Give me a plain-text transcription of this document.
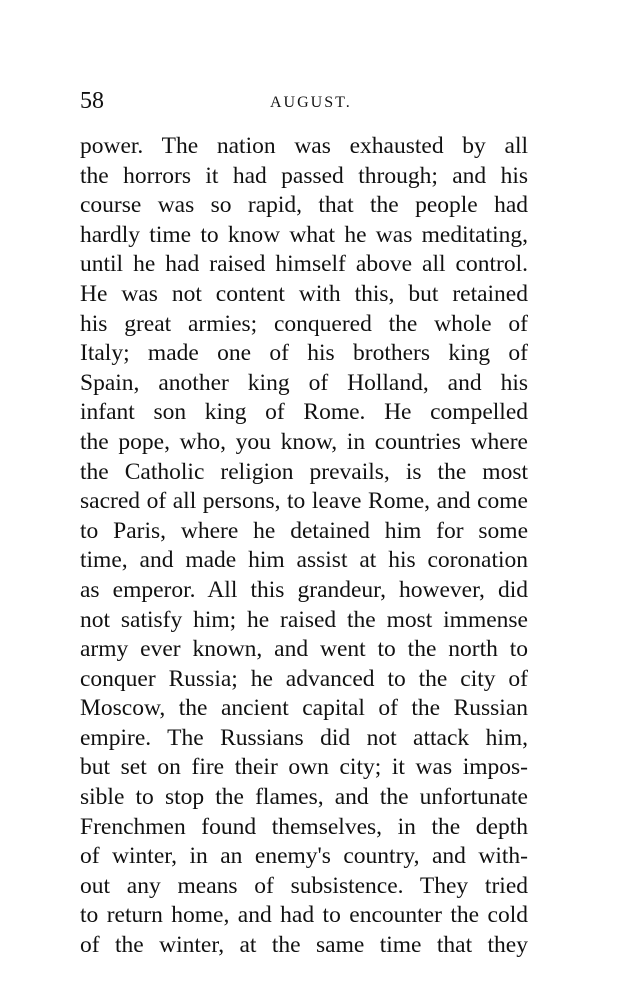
58	AUGUST.
power. The nation was exhausted by all
the horrors it had passed through; and his
course was so rapid, that the people had
hardly time to know what he was meditating,
until he had raised himself above all control.
He was not content with this, but retained
his great armies; conquered the whole of
Italy; made one of his brothers king of
Spain, another king of Holland, and his
infant son king of Rome. He compelled
the pope, who, you know, in countries where
the Catholic religion prevails, is the most
sacred of all persons, to leave Rome, and come
to Paris, where he detained him for some
time, and made him assist at his coronation
as emperor. All this grandeur, however, did
not satisfy him; he raised the most immense
army ever known, and went to the north to
conquer Russia; he advanced to the city of
Moscow, the ancient capital of the Russian
empire. The Russians did not attack him,
but set on fire their own city; it was impos-
sible to stop the flames, and the unfortunate
Frenchmen found themselves, in the depth
of winter, in an enemy's country, and with-
out any means of subsistence. They tried
to return home, and had to encounter the cold
of the winter, at the same time that they
